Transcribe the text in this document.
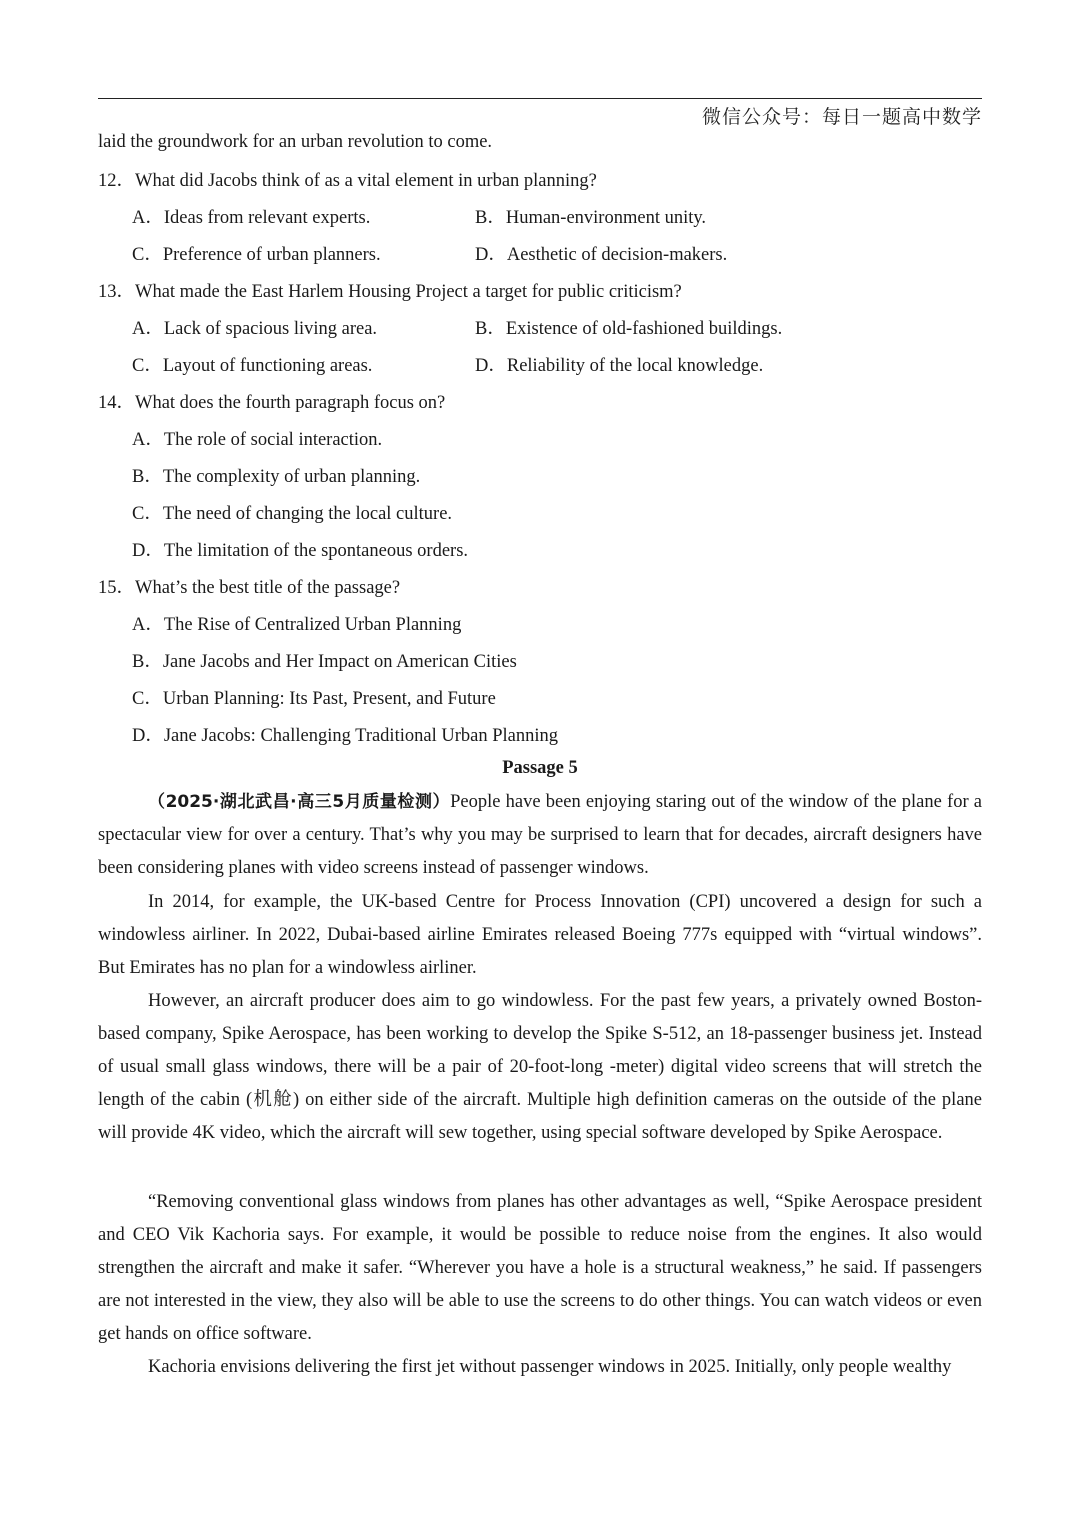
微信公众号：每日一题高中数学
laid the groundwork for an urban revolution to come.
12．What did Jacobs think of as a vital element in urban planning?
A．Ideas from relevant experts.	B．Human-environment unity.
C．Preference of urban planners.	D．Aesthetic of decision-makers.
13．What made the East Harlem Housing Project a target for public criticism?
A．Lack of spacious living area.	B．Existence of old-fashioned buildings.
C．Layout of functioning areas.	D．Reliability of the local knowledge.
14．What does the fourth paragraph focus on?
A．The role of social interaction.
B．The complexity of urban planning.
C．The need of changing the local culture.
D．The limitation of the spontaneous orders.
15．What’s the best title of the passage?
A．The Rise of Centralized Urban Planning
B．Jane Jacobs and Her Impact on American Cities
C．Urban Planning: Its Past, Present, and Future
D．Jane Jacobs: Challenging Traditional Urban Planning
Passage 5
（2025·湖北武昌·高三5月质量检测）People have been enjoying staring out of the window of the plane for a spectacular view for over a century. That’s why you may be surprised to learn that for decades, aircraft designers have been considering planes with video screens instead of passenger windows.
In 2014, for example, the UK-based Centre for Process Innovation (CPI) uncovered a design for such a windowless airliner. In 2022, Dubai-based airline Emirates released Boeing 777s equipped with “virtual windows”. But Emirates has no plan for a windowless airliner.
However, an aircraft producer does aim to go windowless. For the past few years, a privately owned Boston-based company, Spike Aerospace, has been working to develop the Spike S-512, an 18-passenger business jet. Instead of usual small glass windows, there will be a pair of 20-foot-long -meter) digital video screens that will stretch the length of the cabin (机舱) on either side of the aircraft. Multiple high definition cameras on the outside of the plane will provide 4K video, which the aircraft will sew together, using special software developed by Spike Aerospace.
“Removing conventional glass windows from planes has other advantages as well, “Spike Aerospace president and CEO Vik Kachoria says. For example, it would be possible to reduce noise from the engines. It also would strengthen the aircraft and make it safer. “Wherever you have a hole is a structural weakness,” he said. If passengers are not interested in the view, they also will be able to use the screens to do other things. You can watch videos or even get hands on office software.
Kachoria envisions delivering the first jet without passenger windows in 2025. Initially, only people wealthy
